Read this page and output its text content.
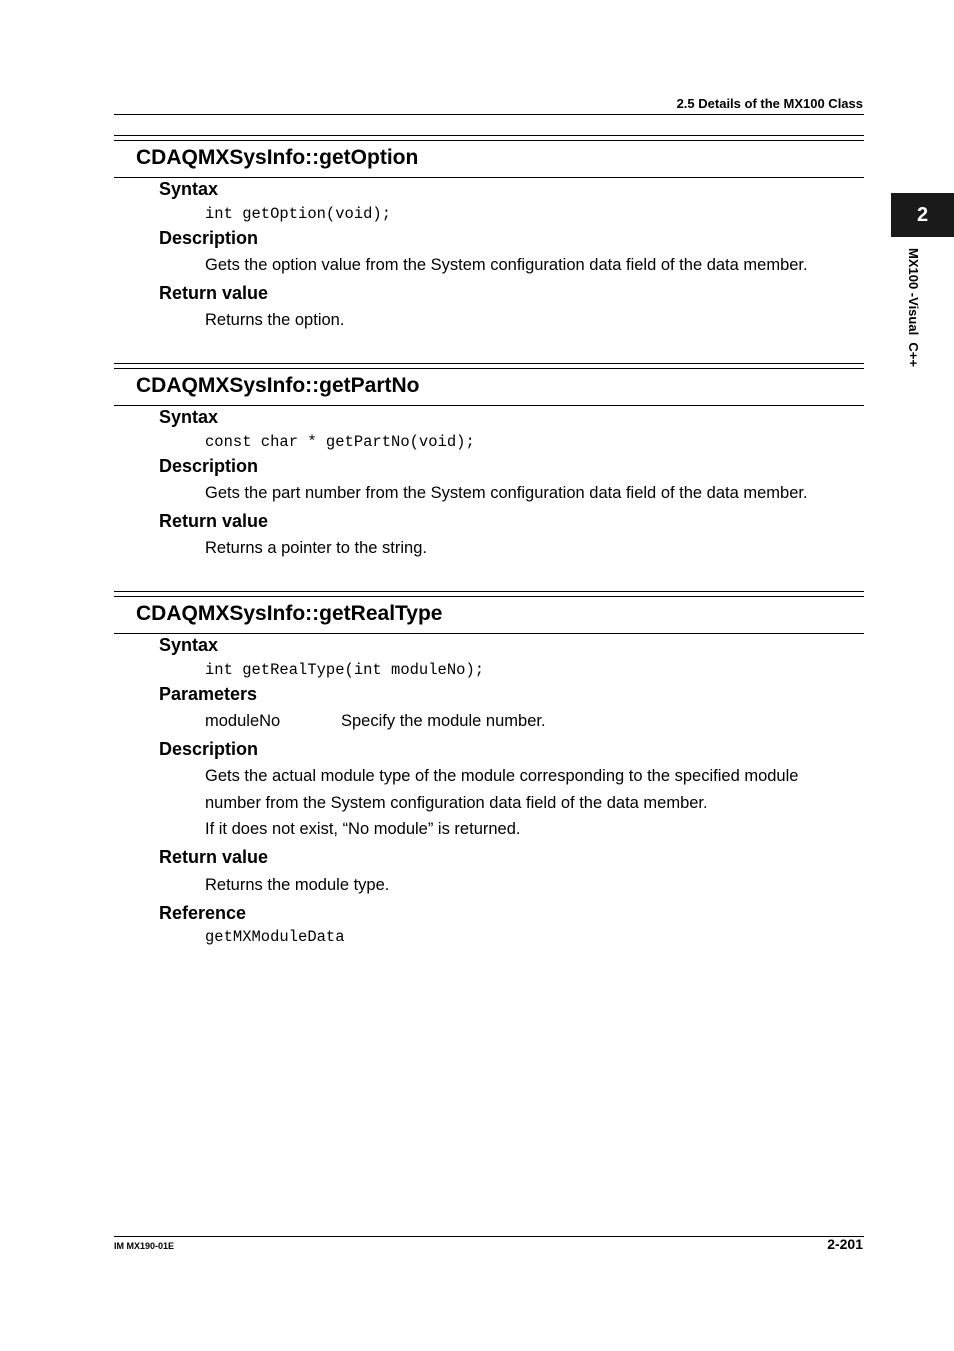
2.5 Details of the MX100 Class
2
MX100 -Visual  C++
CDAQMXSysInfo::getOption
Syntax
int getOption(void);
Description
Gets the option value from the System configuration data field of the data member.
Return value
Returns the option.
CDAQMXSysInfo::getPartNo
Syntax
const char * getPartNo(void);
Description
Gets the part number from the System configuration data field of the data member.
Return value
Returns a pointer to the string.
CDAQMXSysInfo::getRealType
Syntax
int getRealType(int moduleNo);
Parameters
moduleNo	Specify the module number.
Description
Gets the actual module type of the module corresponding to the specified module
number from the System configuration data field of the data member.
If it does not exist, “No module” is returned.
Return value
Returns the module type.
Reference
getMXModuleData
IM MX190-01E	2-201
